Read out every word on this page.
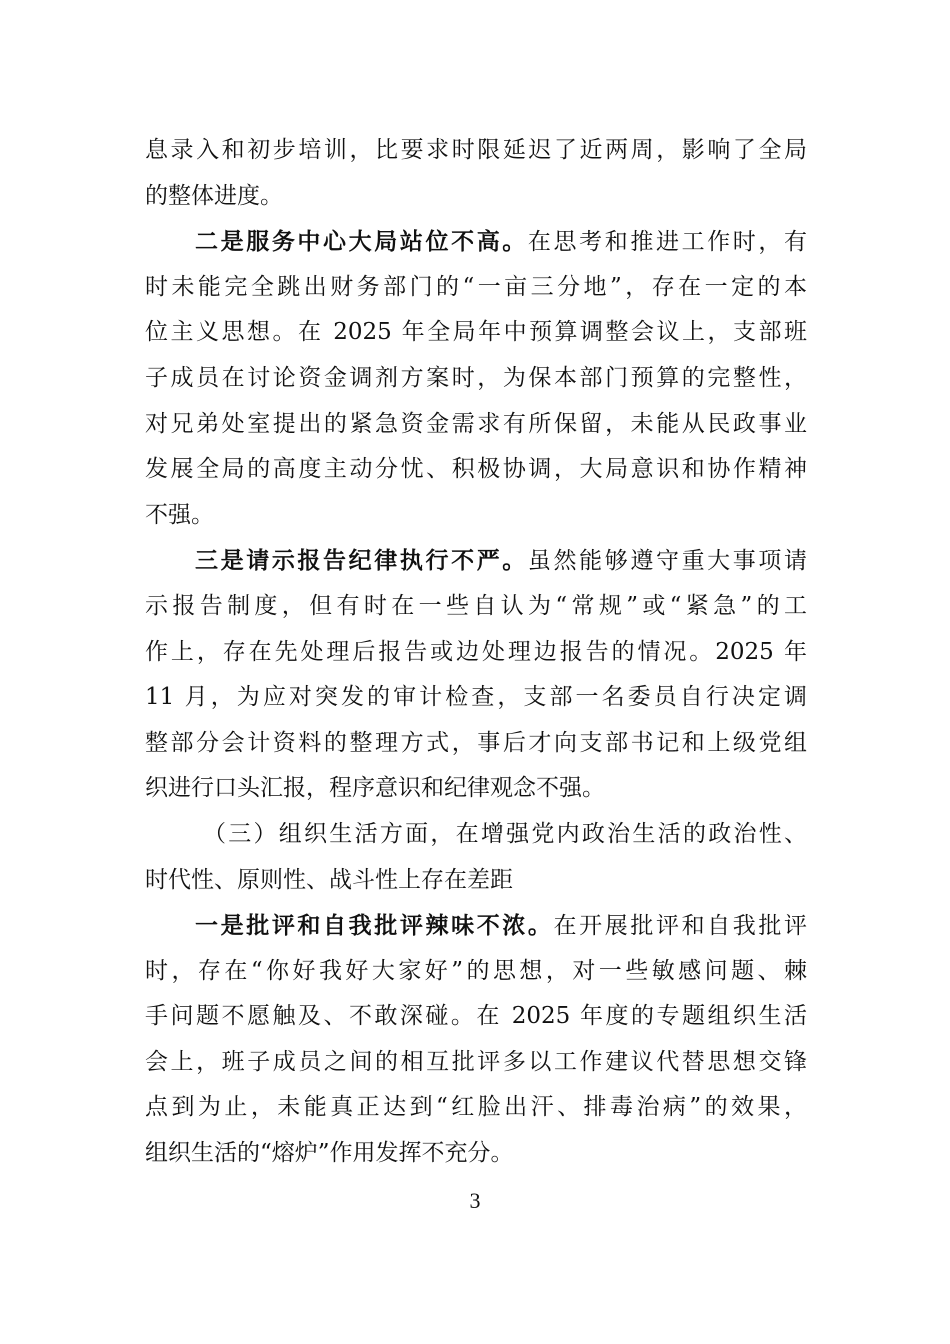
息录入和初步培训，比要求时限延迟了近两周，影响了全局
的整体进度。
二是服务中心大局站位不高。在思考和推进工作时，有
时未能完全跳出财务部门的“一亩三分地”，存在一定的本
位主义思想。在 2025 年全局年中预算调整会议上，支部班
子成员在讨论资金调剂方案时，为保本部门预算的完整性，
对兄弟处室提出的紧急资金需求有所保留，未能从民政事业
发展全局的高度主动分忧、积极协调，大局意识和协作精神
不强。
三是请示报告纪律执行不严。虽然能够遵守重大事项请
示报告制度，但有时在一些自认为“常规”或“紧急”的工
作上，存在先处理后报告或边处理边报告的情况。2025 年
11 月，为应对突发的审计检查，支部一名委员自行决定调
整部分会计资料的整理方式，事后才向支部书记和上级党组
织进行口头汇报，程序意识和纪律观念不强。
（三）组织生活方面，在增强党内政治生活的政治性、
时代性、原则性、战斗性上存在差距
一是批评和自我批评辣味不浓。在开展批评和自我批评
时，存在“你好我好大家好”的思想，对一些敏感问题、棘
手问题不愿触及、不敢深碰。在 2025 年度的专题组织生活
会上，班子成员之间的相互批评多以工作建议代替思想交锋
点到为止，未能真正达到“红脸出汗、排毒治病”的效果，
组织生活的“熔炉”作用发挥不充分。
3
